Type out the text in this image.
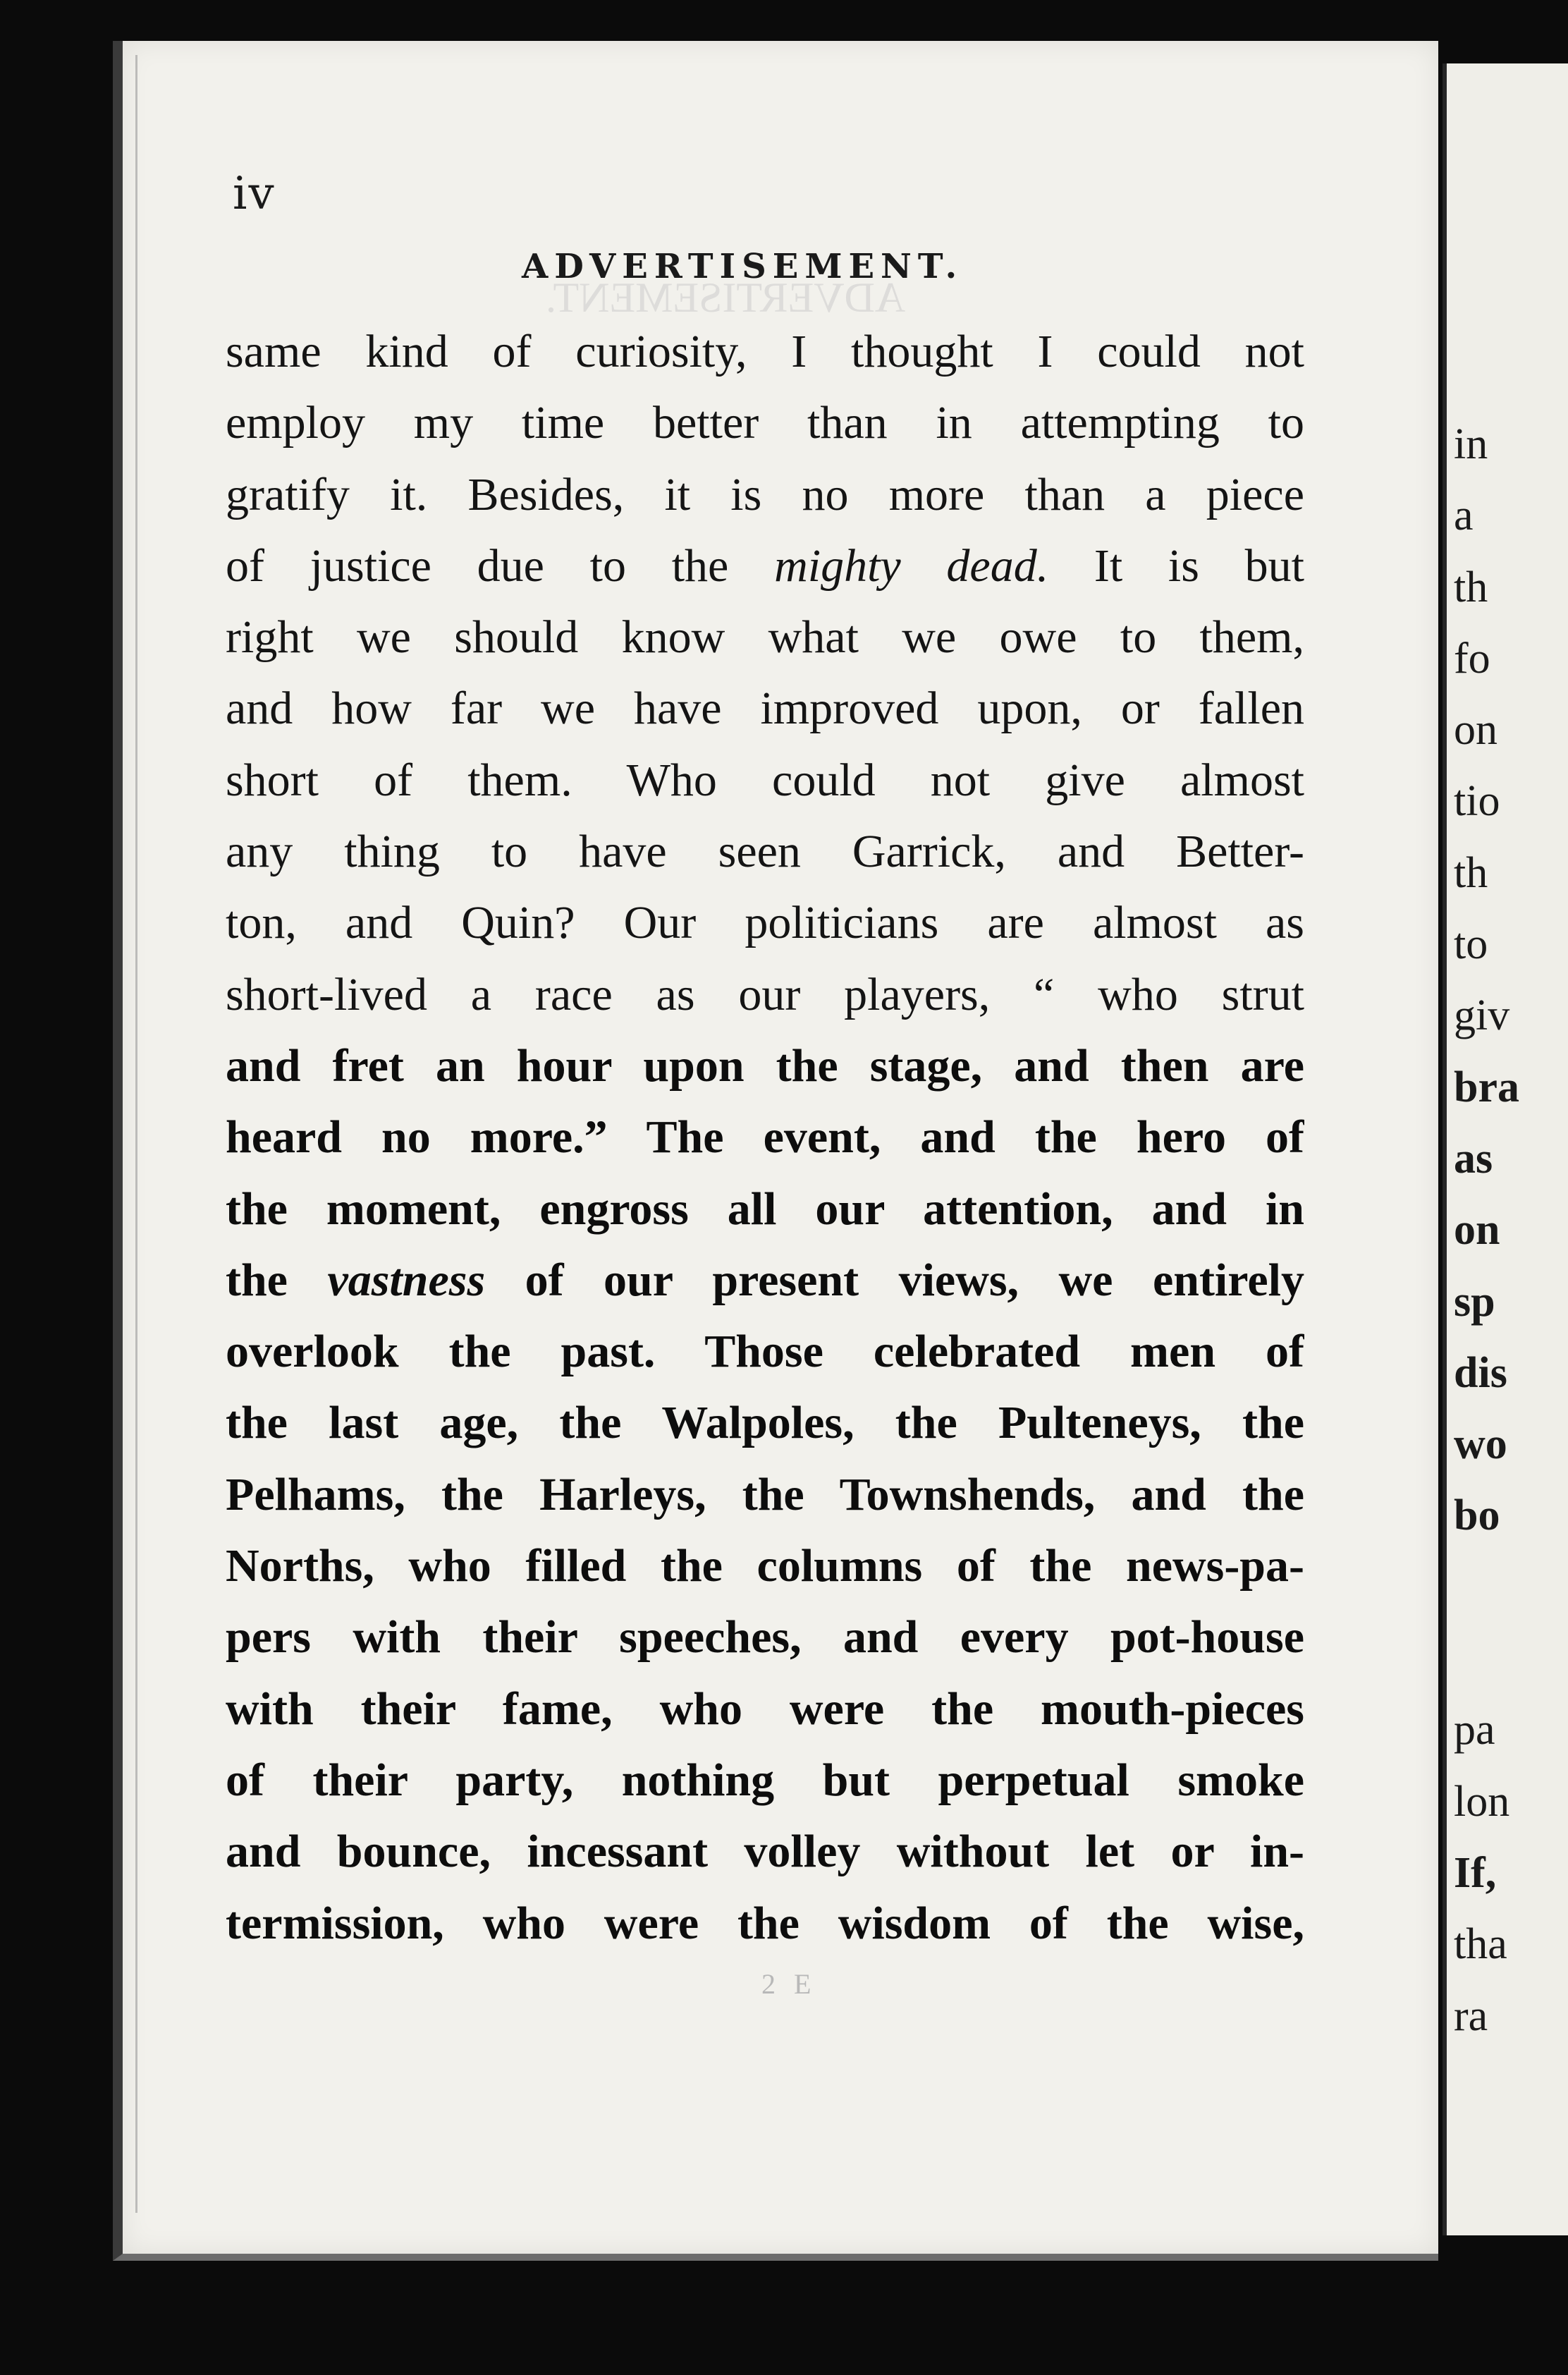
ADVERTISEMENT.
in
a
th
fo
on
tio
th
to
giv
bra
as
on
sp
dis
wo
bo
pa
lon
If,
tha
ra
iv
ADVERTISEMENT.
same kind of curiosity, I thought I could not
employ my time better than in attempting to
gratify it. Besides, it is no more than a piece
of justice due to the mighty dead. It is but
right we should know what we owe to them,
and how far we have improved upon, or fallen
short of them. Who could not give almost
any thing to have seen Garrick, and Better-
ton, and Quin? Our politicians are almost as
short-lived a race as our players, “ who strut
and fret an hour upon the stage, and then are
heard no more.” The event, and the hero of
the moment, engross all our attention, and in
the vastness of our present views, we entirely
overlook the past. Those celebrated men of
the last age, the Walpoles, the Pulteneys, the
Pelhams, the Harleys, the Townshends, and the
Norths, who filled the columns of the news-pa-
pers with their speeches, and every pot-house
with their fame, who were the mouth-pieces
of their party, nothing but perpetual smoke
and bounce, incessant volley without let or in-
termission, who were the wisdom of the wise,
2 E
